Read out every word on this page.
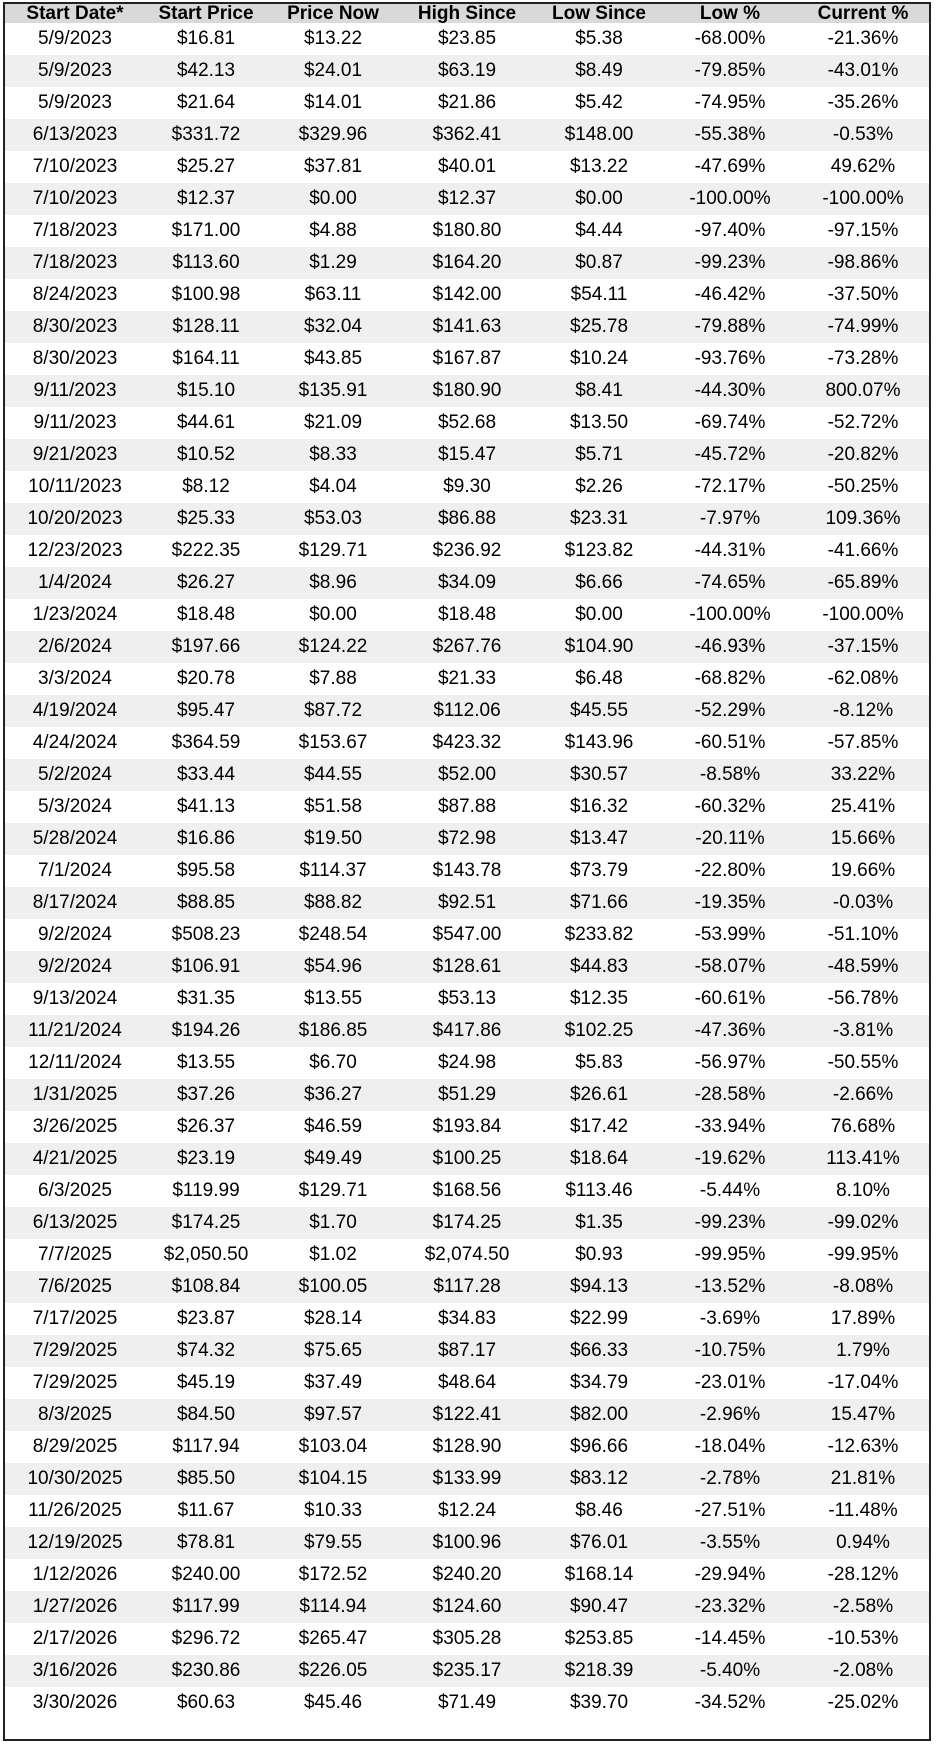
Start Date*	Start Price	Price Now	High Since	Low Since	Low %	Current %
5/9/2023	$16.81	$13.22	$23.85	$5.38	-68.00%	-21.36%
5/9/2023	$42.13	$24.01	$63.19	$8.49	-79.85%	-43.01%
5/9/2023	$21.64	$14.01	$21.86	$5.42	-74.95%	-35.26%
6/13/2023	$331.72	$329.96	$362.41	$148.00	-55.38%	-0.53%
7/10/2023	$25.27	$37.81	$40.01	$13.22	-47.69%	49.62%
7/10/2023	$12.37	$0.00	$12.37	$0.00	-100.00%	-100.00%
7/18/2023	$171.00	$4.88	$180.80	$4.44	-97.40%	-97.15%
7/18/2023	$113.60	$1.29	$164.20	$0.87	-99.23%	-98.86%
8/24/2023	$100.98	$63.11	$142.00	$54.11	-46.42%	-37.50%
8/30/2023	$128.11	$32.04	$141.63	$25.78	-79.88%	-74.99%
8/30/2023	$164.11	$43.85	$167.87	$10.24	-93.76%	-73.28%
9/11/2023	$15.10	$135.91	$180.90	$8.41	-44.30%	800.07%
9/11/2023	$44.61	$21.09	$52.68	$13.50	-69.74%	-52.72%
9/21/2023	$10.52	$8.33	$15.47	$5.71	-45.72%	-20.82%
10/11/2023	$8.12	$4.04	$9.30	$2.26	-72.17%	-50.25%
10/20/2023	$25.33	$53.03	$86.88	$23.31	-7.97%	109.36%
12/23/2023	$222.35	$129.71	$236.92	$123.82	-44.31%	-41.66%
1/4/2024	$26.27	$8.96	$34.09	$6.66	-74.65%	-65.89%
1/23/2024	$18.48	$0.00	$18.48	$0.00	-100.00%	-100.00%
2/6/2024	$197.66	$124.22	$267.76	$104.90	-46.93%	-37.15%
3/3/2024	$20.78	$7.88	$21.33	$6.48	-68.82%	-62.08%
4/19/2024	$95.47	$87.72	$112.06	$45.55	-52.29%	-8.12%
4/24/2024	$364.59	$153.67	$423.32	$143.96	-60.51%	-57.85%
5/2/2024	$33.44	$44.55	$52.00	$30.57	-8.58%	33.22%
5/3/2024	$41.13	$51.58	$87.88	$16.32	-60.32%	25.41%
5/28/2024	$16.86	$19.50	$72.98	$13.47	-20.11%	15.66%
7/1/2024	$95.58	$114.37	$143.78	$73.79	-22.80%	19.66%
8/17/2024	$88.85	$88.82	$92.51	$71.66	-19.35%	-0.03%
9/2/2024	$508.23	$248.54	$547.00	$233.82	-53.99%	-51.10%
9/2/2024	$106.91	$54.96	$128.61	$44.83	-58.07%	-48.59%
9/13/2024	$31.35	$13.55	$53.13	$12.35	-60.61%	-56.78%
11/21/2024	$194.26	$186.85	$417.86	$102.25	-47.36%	-3.81%
12/11/2024	$13.55	$6.70	$24.98	$5.83	-56.97%	-50.55%
1/31/2025	$37.26	$36.27	$51.29	$26.61	-28.58%	-2.66%
3/26/2025	$26.37	$46.59	$193.84	$17.42	-33.94%	76.68%
4/21/2025	$23.19	$49.49	$100.25	$18.64	-19.62%	113.41%
6/3/2025	$119.99	$129.71	$168.56	$113.46	-5.44%	8.10%
6/13/2025	$174.25	$1.70	$174.25	$1.35	-99.23%	-99.02%
7/7/2025	$2,050.50	$1.02	$2,074.50	$0.93	-99.95%	-99.95%
7/6/2025	$108.84	$100.05	$117.28	$94.13	-13.52%	-8.08%
7/17/2025	$23.87	$28.14	$34.83	$22.99	-3.69%	17.89%
7/29/2025	$74.32	$75.65	$87.17	$66.33	-10.75%	1.79%
7/29/2025	$45.19	$37.49	$48.64	$34.79	-23.01%	-17.04%
8/3/2025	$84.50	$97.57	$122.41	$82.00	-2.96%	15.47%
8/29/2025	$117.94	$103.04	$128.90	$96.66	-18.04%	-12.63%
10/30/2025	$85.50	$104.15	$133.99	$83.12	-2.78%	21.81%
11/26/2025	$11.67	$10.33	$12.24	$8.46	-27.51%	-11.48%
12/19/2025	$78.81	$79.55	$100.96	$76.01	-3.55%	0.94%
1/12/2026	$240.00	$172.52	$240.20	$168.14	-29.94%	-28.12%
1/27/2026	$117.99	$114.94	$124.60	$90.47	-23.32%	-2.58%
2/17/2026	$296.72	$265.47	$305.28	$253.85	-14.45%	-10.53%
3/16/2026	$230.86	$226.05	$235.17	$218.39	-5.40%	-2.08%
3/30/2026	$60.63	$45.46	$71.49	$39.70	-34.52%	-25.02%
